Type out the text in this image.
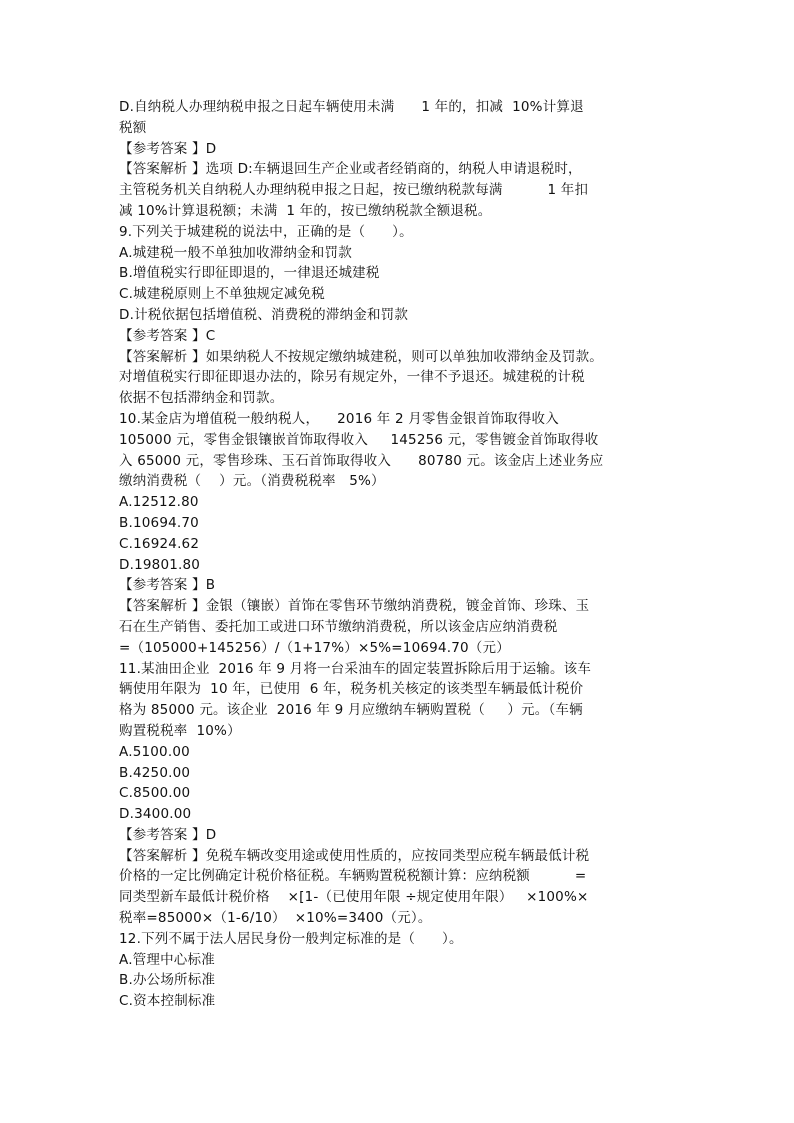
D.自纳税人办理纳税申报之日起车辆使用未满      1 年的，扣减  10%计算退
税额
【参考答案 】D
【答案解析 】选项 D:车辆退回生产企业或者经销商的，纳税人申请退税时，
主管税务机关自纳税人办理纳税申报之日起，按已缴纳税款每满          1 年扣
减 10%计算退税额；未满  1 年的，按已缴纳税款全额退税。
9.下列关于城建税的说法中，正确的是（      ）。
A.城建税一般不单独加收滞纳金和罚款
B.增值税实行即征即退的，一律退还城建税
C.城建税原则上不单独规定减免税
D.计税依据包括增值税、消费税的滞纳金和罚款
【参考答案 】C
【答案解析 】如果纳税人不按规定缴纳城建税，则可以单独加收滞纳金及罚款。
对增值税实行即征即退办法的，除另有规定外，一律不予退还。城建税的计税
依据不包括滞纳金和罚款。
10.某金店为增值税一般纳税人，    2016 年 2 月零售金银首饰取得收入
105000 元，零售金银镶嵌首饰取得收入     145256 元，零售镀金首饰取得收
入 65000 元，零售珍珠、玉石首饰取得收入      80780 元。该金店上述业务应
缴纳消费税（    ）元。（消费税税率   5%）
A.12512.80
B.10694.70
C.16924.62
D.19801.80
【参考答案 】B
【答案解析 】金银（镶嵌）首饰在零售环节缴纳消费税，镀金首饰、珍珠、玉
石在生产销售、委托加工或进口环节缴纳消费税，所以该金店应纳消费税
=（105000+145256）/（1+17%）×5%=10694.70（元）
11.某油田企业  2016 年 9 月将一台采油车的固定装置拆除后用于运输。该车
辆使用年限为  10 年，已使用  6 年，税务机关核定的该类型车辆最低计税价
格为 85000 元。该企业  2016 年 9 月应缴纳车辆购置税（     ）元。（车辆
购置税税率  10%）
A.5100.00
B.4250.00
C.8500.00
D.3400.00
【参考答案 】D
【答案解析 】免税车辆改变用途或使用性质的，应按同类型应税车辆最低计税
价格的一定比例确定计税价格征税。车辆购置税税额计算：应纳税额          =
同类型新车最低计税价格    ×[1-（已使用年限 ÷规定使用年限）   ×100%×
税率=85000×（1-6/10）  ×10%=3400（元）。
12.下列不属于法人居民身份一般判定标准的是（      ）。
A.管理中心标准
B.办公场所标准
C.资本控制标准
